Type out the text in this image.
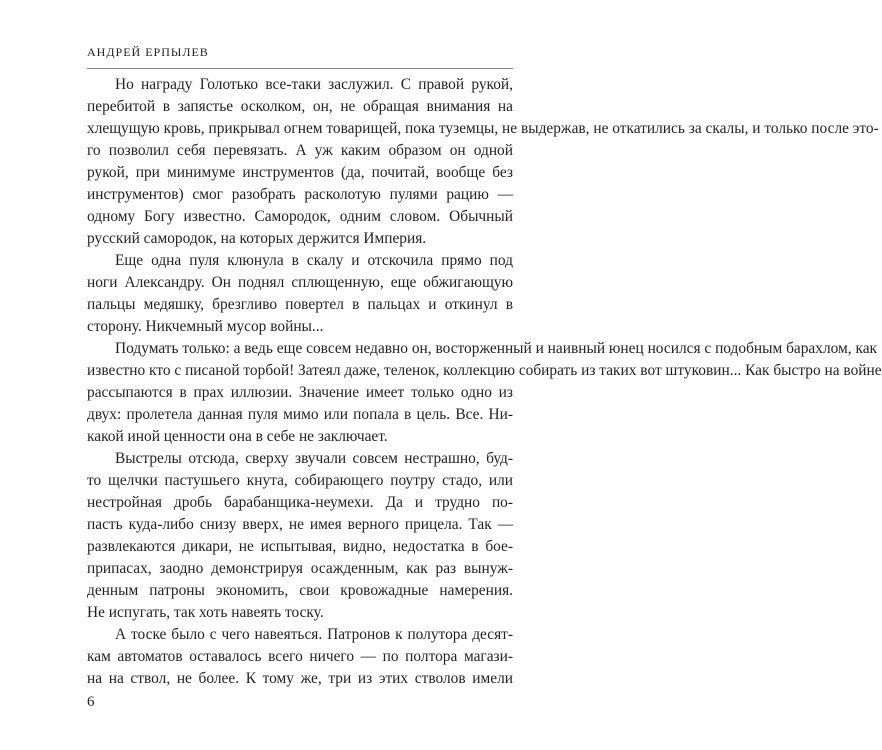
АНДРЕЙ ЕРПЫЛЕВ
Но награду Голотько все-таки заслужил. С правой рукой,
перебитой в запястье осколком, он, не обращая внимания на
хлещущую кровь, прикрывал огнем товарищей, пока туземцы, не выдержав, не откатились за скалы, и только после это-
го позволил себя перевязать. А уж каким образом он одной
рукой, при минимуме инструментов (да, почитай, вообще без
инструментов) смог разобрать расколотую пулями рацию —
одному Богу известно. Самородок, одним словом. Обычный
русский самородок, на которых держится Империя.
Еще одна пуля клюнула в скалу и отскочила прямо под
ноги Александру. Он поднял сплющенную, еще обжигающую
пальцы медяшку, брезгливо повертел в пальцах и откинул в
сторону. Никчемный мусор войны...
Подумать только: а ведь еще совсем недавно он, восторженный и наивный юнец носился с подобным барахлом, как
известно кто с писаной торбой! Затеял даже, теленок, коллекцию собирать из таких вот штуковин... Как быстро на войне
рассыпаются в прах иллюзии. Значение имеет только одно из
двух: пролетела данная пуля мимо или попала в цель. Все. Ни-
какой иной ценности она в себе не заключает.
Выстрелы отсюда, сверху звучали совсем нестрашно, буд-
то щелчки пастушьего кнута, собирающего поутру стадо, или
нестройная дробь барабанщика-неумехи. Да и трудно по-
пасть куда-либо снизу вверх, не имея верного прицела. Так —
развлекаются дикари, не испытывая, видно, недостатка в бое-
припасах, заодно демонстрируя осажденным, как раз вынуж-
денным патроны экономить, свои кровожадные намерения.
Не испугать, так хоть навеять тоску.
А тоске было с чего навеяться. Патронов к полутора десят-
кам автоматов оставалось всего ничего — по полтора магази-
на на ствол, не более. К тому же, три из этих стволов имели
6
